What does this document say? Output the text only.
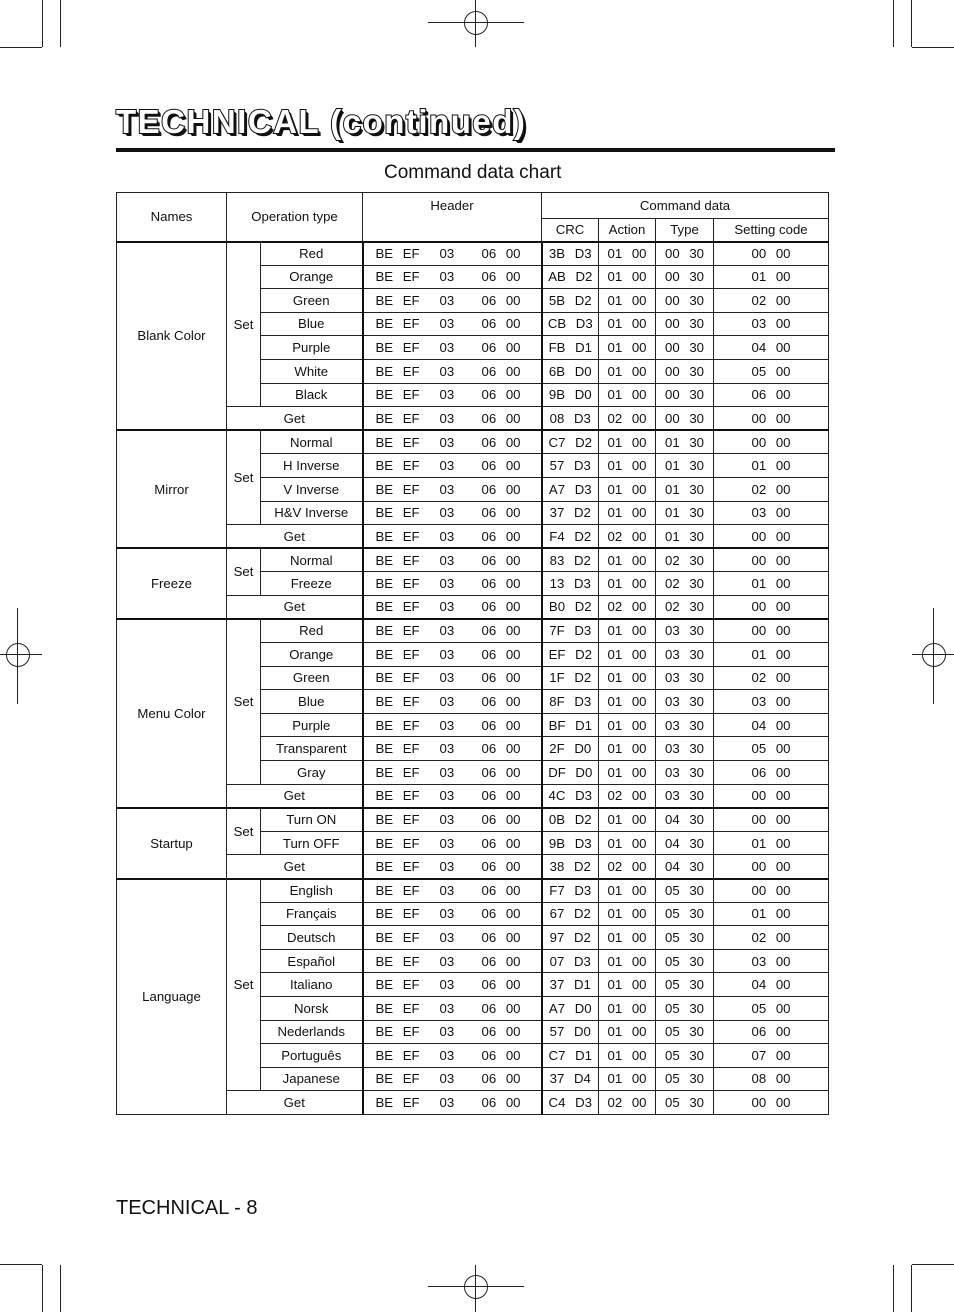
TECHNICAL (continued)
Command data chart
Names	Operation type		Header	Command data			
				CRC	Action	Type	Setting code
Blank Color	Set	Red	BE EF 03 06 00	3B D3	01 00	00 30	00 00
		Orange	BE EF 03 06 00	AB D2	01 00	00 30	01 00
		Green	BE EF 03 06 00	5B D2	01 00	00 30	02 00
		Blue	BE EF 03 06 00	CB D3	01 00	00 30	03 00
		Purple	BE EF 03 06 00	FB D1	01 00	00 30	04 00
		White	BE EF 03 06 00	6B D0	01 00	00 30	05 00
		Black	BE EF 03 06 00	9B D0	01 00	00 30	06 00
	Get		BE EF 03 06 00	08 D3	02 00	00 30	00 00
Mirror	Set	Normal	BE EF 03 06 00	C7 D2	01 00	01 30	00 00
		H Inverse	BE EF 03 06 00	57 D3	01 00	01 30	01 00
		V Inverse	BE EF 03 06 00	A7 D3	01 00	01 30	02 00
		H&V Inverse	BE EF 03 06 00	37 D2	01 00	01 30	03 00
	Get		BE EF 03 06 00	F4 D2	02 00	01 30	00 00
Freeze	Set	Normal	BE EF 03 06 00	83 D2	01 00	02 30	00 00
		Freeze	BE EF 03 06 00	13 D3	01 00	02 30	01 00
	Get		BE EF 03 06 00	B0 D2	02 00	02 30	00 00
Menu Color	Set	Red	BE EF 03 06 00	7F D3	01 00	03 30	00 00
		Orange	BE EF 03 06 00	EF D2	01 00	03 30	01 00
		Green	BE EF 03 06 00	1F D2	01 00	03 30	02 00
		Blue	BE EF 03 06 00	8F D3	01 00	03 30	03 00
		Purple	BE EF 03 06 00	BF D1	01 00	03 30	04 00
		Transparent	BE EF 03 06 00	2F D0	01 00	03 30	05 00
		Gray	BE EF 03 06 00	DF D0	01 00	03 30	06 00
	Get		BE EF 03 06 00	4C D3	02 00	03 30	00 00
Startup	Set	Turn ON	BE EF 03 06 00	0B D2	01 00	04 30	00 00
		Turn OFF	BE EF 03 06 00	9B D3	01 00	04 30	01 00
	Get		BE EF 03 06 00	38 D2	02 00	04 30	00 00
Language	Set	English	BE EF 03 06 00	F7 D3	01 00	05 30	00 00
		Français	BE EF 03 06 00	67 D2	01 00	05 30	01 00
		Deutsch	BE EF 03 06 00	97 D2	01 00	05 30	02 00
		Español	BE EF 03 06 00	07 D3	01 00	05 30	03 00
		Italiano	BE EF 03 06 00	37 D1	01 00	05 30	04 00
		Norsk	BE EF 03 06 00	A7 D0	01 00	05 30	05 00
		Nederlands	BE EF 03 06 00	57 D0	01 00	05 30	06 00
		Português	BE EF 03 06 00	C7 D1	01 00	05 30	07 00
		Japanese	BE EF 03 06 00	37 D4	01 00	05 30	08 00
	Get		BE EF 03 06 00	C4 D3	02 00	05 30	00 00
TECHNICAL - 8
